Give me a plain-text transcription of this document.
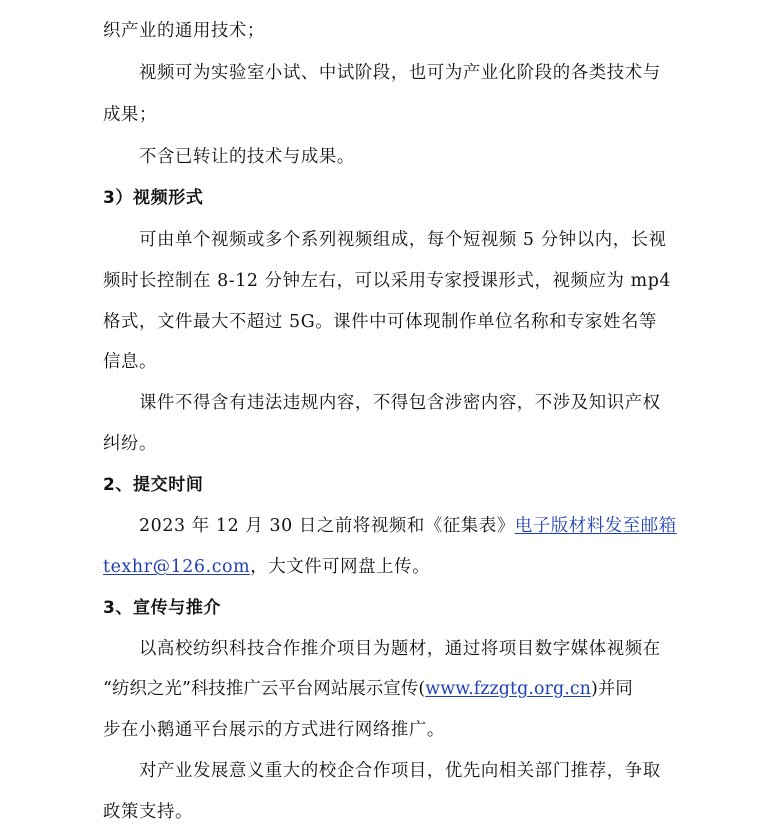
织产业的通用技术；
视频可为实验室小试、中试阶段，也可为产业化阶段的各类技术与
成果；
不含已转让的技术与成果。
3）视频形式
可由单个视频或多个系列视频组成，每个短视频 5 分钟以内，长视
频时长控制在 8-12 分钟左右，可以采用专家授课形式，视频应为 mp4
格式，文件最大不超过 5G。课件中可体现制作单位名称和专家姓名等
信息。
课件不得含有违法违规内容，不得包含涉密内容，不涉及知识产权
纠纷。
2、提交时间
2023 年 12 月 30 日之前将视频和《征集表》电子版材料发至邮箱
texhr@126.com，大文件可网盘上传。
3、宣传与推介
以高校纺织科技合作推介项目为题材，通过将项目数字媒体视频在
“纺织之光”科技推广云平台网站展示宣传(www.fzzgtg.org.cn)并同
步在小鹅通平台展示的方式进行网络推广。
对产业发展意义重大的校企合作项目，优先向相关部门推荐，争取
政策支持。
